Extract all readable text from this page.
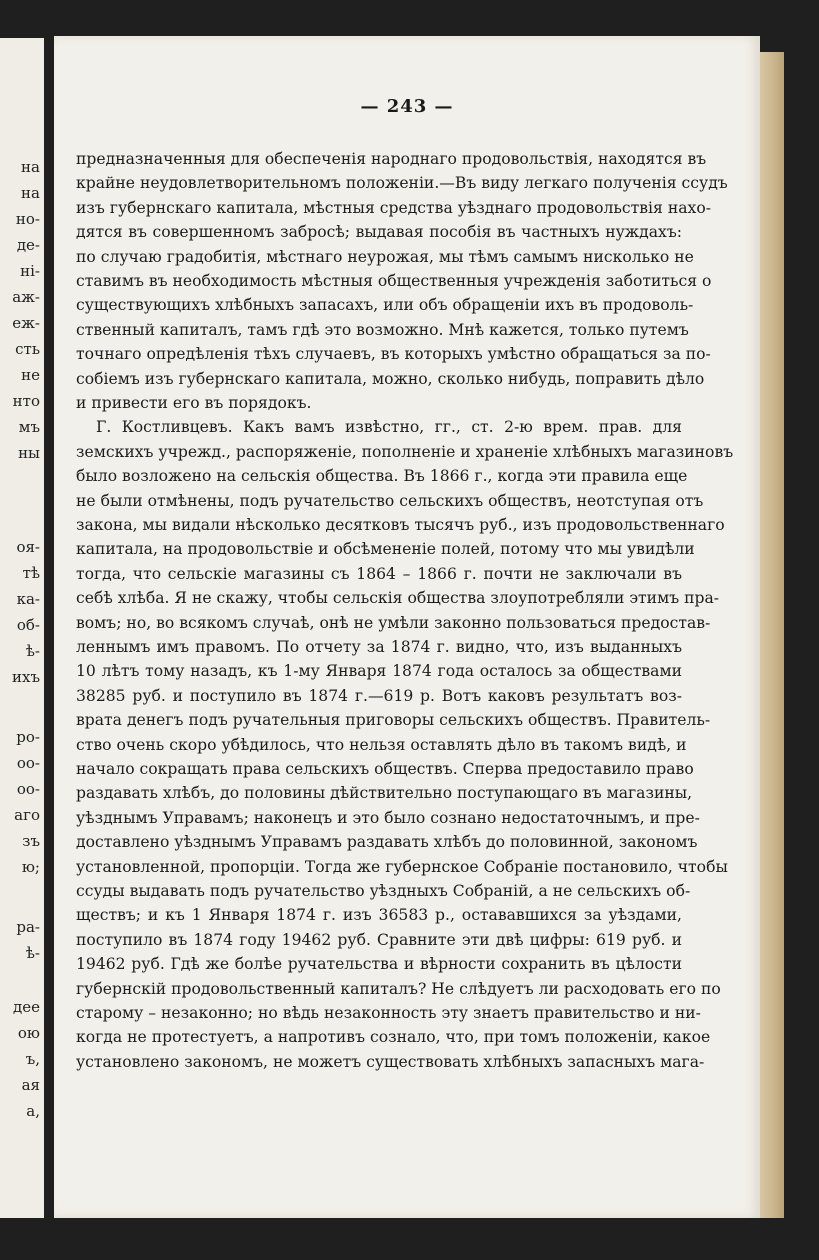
на
на
но-
де-
ні-
аж-
еж-
сть
не
нто
мъ
ны
оя-
тѣ
ка-
об-
ѣ-
ихъ
ро-
оо-
оо-
аго
зъ
ю;
ра-
ѣ-
дее
ою
ъ,
ая
а,
— 243 —
предназначенныя для обеспеченія народнаго продовольствія, находятся въ
крайне неудовлетворительномъ положеніи.—Въ виду легкаго полученія ссудъ
изъ губернскаго капитала, мѣстныя средства уѣзднаго продовольствія нахо-
дятся въ совершенномъ забросѣ; выдавая пособія въ частныхъ нуждахъ:
по случаю градобитія, мѣстнаго неурожая, мы тѣмъ самымъ нисколько не
ставимъ въ необходимость мѣстныя общественныя учрежденія заботиться о
существующихъ хлѣбныхъ запасахъ, или объ обращеніи ихъ въ продоволь-
ственный капиталъ, тамъ гдѣ это возможно. Мнѣ кажется, только путемъ
точнаго опредѣленія тѣхъ случаевъ, въ которыхъ умѣстно обращаться за по-
собіемъ изъ губернскаго капитала, можно, сколько нибудь, поправить дѣло
и привести его въ порядокъ.
Г. Костливцевъ. Какъ вамъ извѣстно, гг., ст. 2-ю врем. прав. для
земскихъ учрежд., распоряженіе, пополненіе и храненіе хлѣбныхъ магазиновъ
было возложено на сельскія общества. Въ 1866 г., когда эти правила еще
не были отмѣнены, подъ ручательство сельскихъ обществъ, неотступая отъ
закона, мы видали нѣсколько десятковъ тысячъ руб., изъ продовольственнаго
капитала, на продовольствіе и обсѣмененіе полей, потому что мы увидѣли
тогда, что сельскіе магазины съ 1864 – 1866 г. почти не заключали въ
себѣ хлѣба. Я не скажу, чтобы сельскія общества злоупотребляли этимъ пра-
вомъ; но, во всякомъ случаѣ, онѣ не умѣли законно пользоваться предостав-
леннымъ имъ правомъ. По отчету за 1874 г. видно, что, изъ выданныхъ
10 лѣтъ тому назадъ, къ 1-му Января 1874 года осталось за обществами
38285 руб. и поступило въ 1874 г.—619 р. Вотъ каковъ результатъ воз-
врата денегъ подъ ручательныя приговоры сельскихъ обществъ. Правитель-
ство очень скоро убѣдилось, что нельзя оставлять дѣло въ такомъ видѣ, и
начало сокращать права сельскихъ обществъ. Сперва предоставило право
раздавать хлѣбъ, до половины дѣйствительно поступающаго въ магазины,
уѣзднымъ Управамъ; наконецъ и это было сознано недостаточнымъ, и пре-
доставлено уѣзднымъ Управамъ раздавать хлѣбъ до половинной, закономъ
установленной, пропорціи. Тогда же губернское Собраніе постановило, чтобы
ссуды выдавать подъ ручательство уѣздныхъ Собраній, а не сельскихъ об-
ществъ; и къ 1 Января 1874 г. изъ 36583 р., остававшихся за уѣздами,
поступило въ 1874 году 19462 руб. Сравните эти двѣ цифры: 619 руб. и
19462 руб. Гдѣ же болѣе ручательства и вѣрности сохранить въ цѣлости
губернскій продовольственный капиталъ? Не слѣдуетъ ли расходовать его по
старому – незаконно; но вѣдь незаконность эту знаетъ правительство и ни-
когда не протестуетъ, а напротивъ сознало, что, при томъ положеніи, какое
установлено закономъ, не можетъ существовать хлѣбныхъ запасныхъ мага-
